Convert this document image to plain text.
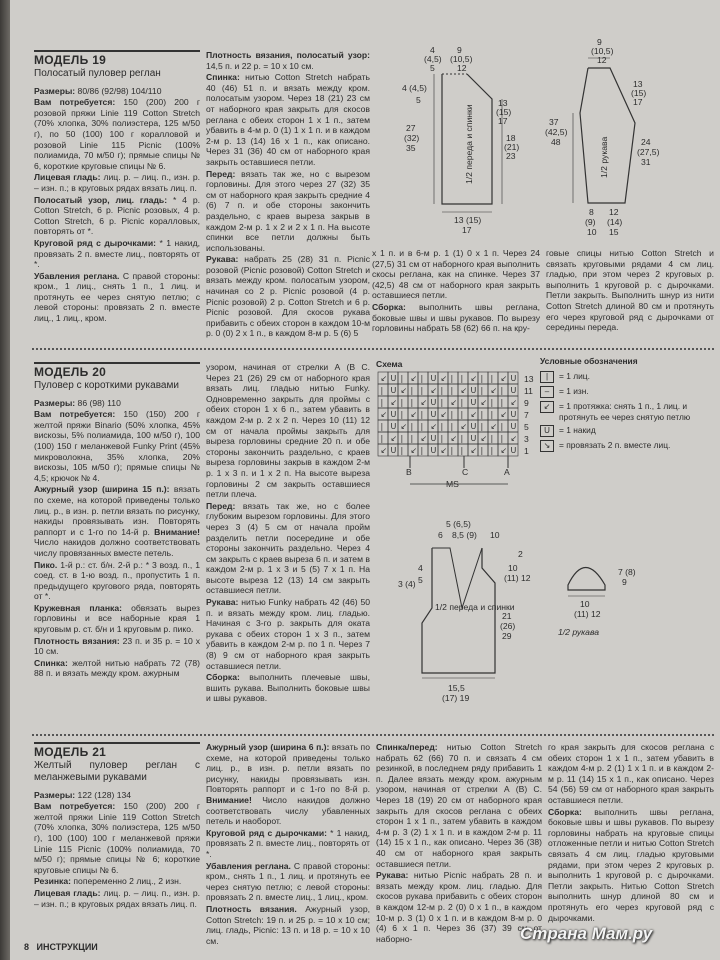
МОДЕЛЬ 19
Полосатый пуловер реглан

Размеры: 80/86 (92/98) 104/110

Вам потребуется: 150 (200) 200 г розовой пряжи Linie 119 Cotton Stretch (70% хлопка, 30% полиэстера, 125 м/50 г), по 50 (100) 100 г коралловой и розовой Linie 115 Picnic (100% полиамида, 70 м/50 г); прямые спицы № 6, короткие круговые спицы № 6.

Лицевая гладь: лиц. р. – лиц. п., изн. р. – изн. п.; в круговых рядах вязать лиц. п.

Полосатый узор, лиц. гладь: * 4 р. Cotton Stretch, 6 р. Picnic розовых, 4 р. Cotton Stretch, 6 р. Picnic коралловых, повторять от *.

Круговой ряд с дырочками: * 1 накид, провязать 2 п. вместе лиц., повторять от *.

Убавления реглана. С правой стороны: кром., 1 лиц., снять 1 п., 1 лиц. и протянуть ее через снятую петлю; с левой стороны: провязать 2 п. вместе лиц., 1 лиц., кром.

Плотность вязания, полосатый узор: 14,5 п. и 22 р. = 10 х 10 см.

Спинка: нитью Cotton Stretch набрать 40 (46) 51 п. и вязать между кром. полосатым узором. Через 18 (21) 23 см от наборного края закрыть для скосов реглана с обеих сторон 1 х 1 п., затем убавить в 4-м р. 0 (1) 1 х 1 п. и в каждом 2-м р. 13 (14) 16 х 1 п., как описано. Через 31 (36) 40 см от наборного края закрыть оставшиеся петли.

Перед: вязать так же, но с вырезом горловины. Для этого через 27 (32) 35 см от наборного края закрыть средние 4 (6) 7 п. и обе стороны закончить раздельно, с краев выреза закрыв в каждом 2-м р. 1 х 2 и 2 х 1 п. На высоте спинки все петли должны быть использованы.

Рукава: набрать 25 (28) 31 п. Picnic розовой (Picnic розовой) Cotton Stretch и вязать между кром. полосатым узором, начиная со 2 р. Picnic розовой (4 р. Picnic розовой) 2 р. Cotton Stretch и 6 р. Picnic розовой. Для скосов рукава прибавить с обеих сторон в каждом 10-м р. 0 (0) 2 х 1 п., в каждом 8-м р. 5 (6) 5

4
(4,5)
5
9
(10,5)
12
4 (4,5)
5	13
(15)
17
27
(32)
35
18
(21)
23
1/2 переда и спинки
13 (15)
17
9
(10,5)
12
13
(15)
17
37
(42,5)
48	24
(27,5)
31
1/2 рукава
8
(9)
10
12
(14)
15

х 1 п. и в 6-м р. 1 (1) 0 х 1 п. Через 24 (27,5) 31 см от наборного края выполнить скосы реглана, как на спинке. Через 37 (42,5) 48 см от наборного края закрыть оставшиеся петли.

Сборка: выполнить швы реглана, боковые швы и швы рукавов. По вырезу горловины набрать 58 (62) 66 п. на кру-

говые спицы нитью Cotton Stretch и связать круговыми рядами 4 см лиц. гладью, при этом через 2 круговых р. выполнить 1 круговой р. с дырочками. Петли закрыть. Выполнить шнур из нити Cotton Stretch длиной 80 см и протянуть его через круговой ряд с дырочками от середины переда.

МОДЕЛЬ 20
Пуловер с короткими рукавами

Размеры: 86 (98) 110

Вам потребуется: 150 (150) 200 г желтой пряжи Binario (50% хлопка, 45% вискозы, 5% полиамида, 100 м/50 г), 100 (100) 150 г меланжевой Funky Print (45% микроволокна, 35% хлопка, 20% вискозы, 105 м/50 г); прямые спицы № 4,5; крючок № 4.

Ажурный узор (ширина 15 п.): вязать по схеме, на которой приведены только лиц. р., в изн. р. петли вязать по рисунку, накиды провязывать изн. Повторять раппорт и с 1-го по 14-й р. Внимание! Число накидов должно соответствовать числу провязанных вместе петель.

Пико. 1-й р.: ст. б/н. 2-й р.: * 3 возд. п., 1 соед. ст. в 1-ю возд. п., пропустить 1 п. предыдущего кругового ряда, повторять от *.

Кружевная планка: обвязать вырез горловины и все наборные края 1 круговым р. ст. б/н и 1 круговым р. пико.

Плотность вязания: 23 п. и 35 р. = 10 х 10 см.

Спинка: желтой нитью набрать 72 (78) 88 п. и вязать между кром. ажурным

узором, начиная от стрелки А (В С. Через 21 (26) 29 см от наборного края вязать лиц. гладью нитью Funky. Одновременно закрыть для проймы с обеих сторон 1 х 6 п., затем убавить в каждом 2-м р. 2 х 2 п. Через 10 (11) 12 см от начала проймы закрыть для выреза горловины средние 20 п. и обе стороны закончить раздельно, с краев выреза горловины закрыв в каждом 2-м р. 1 х 3 п. и 1 х 2 п. На высоте выреза горловины 2 см закрыть оставшиеся петли плеча.

Перед: вязать так же, но с более глубоким вырезом горловины. Для этого через 3 (4) 5 см от начала пройм разделить петли посередине и обе стороны закончить раздельно. Через 4 см закрыть с краев выреза 6 п. и затем в каждом 2-м р. 1 х 3 и 5 (5) 7 х 1 п. На высоте выреза 12 (13) 14 см закрыть оставшиеся петли.

Рукава: нитью Funky набрать 42 (46) 50 п. и вязать между кром. лиц. гладью. Начиная с 3-го р. закрыть для оката рукава с обеих сторон 1 х 3 п., затем убавить в каждом 2-м р. по 1 п. Через 7 (8) 9 см от наборного края закрыть оставшиеся петли.

Сборка: выполнить плечевые швы, вшить рукава. Выполнить боковые швы и швы рукавов.

Схема
↙ U | ↙ | U ↙ | | ↙ | | ↙ U
| U ↙ | | ↙ | | ↙ U | ↙ | U
| ↙ | | ↙ U | ↙ | U ↙ | | ↙
↙ U | ↙ | U ↙ | | ↙ | | ↙ U
| U ↙ | | ↙ | | ↙ U | ↙ | U
| ↙ | | ↙ U | ↙ | U ↙ | | ↙
↙ U | ↙ | U ↙ | | ↙ | | ↙ U
13
11
9
7
5
3
1
B	C	A
MS
Условные обозначения
|	= 1 лиц.
–	= 1 изн.
↙	= 1 протяжка: снять 1 п., 1 лиц. и протянуть ее через снятую петлю
U	= 1 накид
↘	= провязать 2 п. вместе лиц.
5 (6,5)
6 8,5 (9) 10
3 (4) 5
4
2
10
(11) 12
21
(26)
29
1/2 переда и спинки
15,5
(17) 19
7 (8)
9
10
(11) 12
1/2 рукава
МОДЕЛЬ 21
Желтый пуловер реглан с меланжевыми рукавами

Размеры: 122 (128) 134

Вам потребуется: 150 (200) 200 г желтой пряжи Linie 119 Cotton Stretch (70% хлопка, 30% полиэстера, 125 м/50 г), 100 (100) 100 г меланжевой пряжи Linie 115 Picnic (100% полиамида, 70 м/50 г); прямые спицы № 6; короткие круговые спицы № 6.

Резинка: попеременно 2 лиц., 2 изн.

Лицевая гладь: лиц. р. – лиц. п., изн. р. – изн. п.; в круговых рядах вязать лиц. п.

Ажурный узор (ширина 6 п.): вязать по схеме, на которой приведены только лиц. р., в изн. р. петли вязать по рисунку, накиды провязывать изн. Повторять раппорт и с 1-го по 8-й р. Внимание! Число накидов должно соответствовать числу убавленных петель и наоборот.

Круговой ряд с дырочками: * 1 накид, провязать 2 п. вместе лиц., повторять от *.

Убавления реглана. С правой стороны: кром., снять 1 п., 1 лиц. и протянуть ее через снятую петлю; с левой стороны: провязать 2 п. вместе лиц., 1 лиц., кром.

Плотность вязания. Ажурный узор, Cotton Stretch: 19 п. и 25 р. = 10 х 10 см; лиц. гладь, Picnic: 13 п. и 18 р. = 10 х 10 см.

Спинка/перед: нитью Cotton Stretch набрать 62 (66) 70 п. и связать 4 см резинкой, в последнем ряду прибавить 1 п. Далее вязать между кром. ажурным узором, начиная от стрелки А (В) С. Через 18 (19) 20 см от наборного края закрыть для скосов реглана с обеих сторон 1 х 1 п., затем убавить в каждом 4-м р. 3 (2) 1 х 1 п. и в каждом 2-м р. 11 (14) 15 х 1 п., как описано. Через 36 (38) 40 см от наборного края закрыть оставшиеся петли.

Рукава: нитью Picnic набрать 28 п. и вязать между кром. лиц. гладью. Для скосов рукава прибавить с обеих сторон в каждом 12-м р. 2 (0) 0 х 1 п., в каждом 10-м р. 3 (1) 0 х 1 п. и в каждом 8-м р. 0 (4) 6 х 1 п. Через 36 (37) 39 см от наборно-

го края закрыть для скосов реглана с обеих сторон 1 х 1 п., затем убавить в каждом 4-м р. 2 (1) 1 х 1 п. и в каждом 2-м р. 11 (14) 15 х 1 п., как описано. Через 54 (56) 59 см от наборного края закрыть оставшиеся петли.

Сборка: выполнить швы реглана, боковые швы и швы рукавов. По вырезу горловины набрать на круговые спицы отложенные петли и нитью Cotton Stretch связать 4 см лиц. гладью круговыми рядами, при этом через 2 круговых р. выполнить 1 круговой р. с дырочками. Петли закрыть. Нитью Cotton Stretch выполнить шнур длиной 80 см и протянуть его через круговой ряд с дырочками.

8 ИНСТРУКЦИИ
Страна Мам.ру
